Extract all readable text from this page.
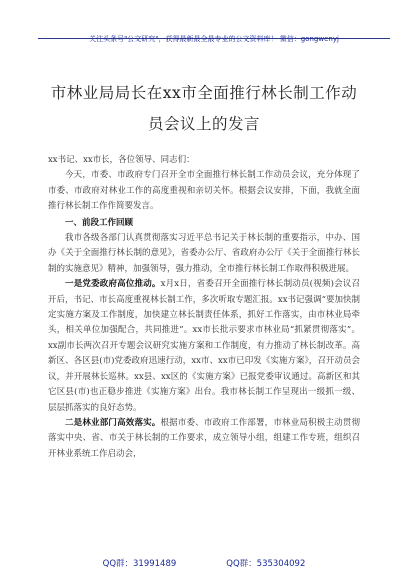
$_{关注头条号"公文研究",获得最新最全最专业的公文资料库! 微信:gongwenyj}$
市林业局局长在xx市全面推行林长制工作动
员会议上的发言

xx书记、xx市长，各位领导、同志们：

今天，市委、市政府专门召开全市全面推行林长制工作动员会议，充分体现了市委、市政府对林业工作的高度重视和亲切关怀。根据会议安排，下面，我就全面推行林长制工作作简要发言。

一、前段工作回顾

我市各级各部门认真贯彻落实习近平总书记关于林长制的重要指示，中办、国办《关于全面推行林长制的意见》，省委办公厅、省政府办公厅《关于全面推行林长制的实施意见》精神，加强领导，强力推动，全市推行林长制工作取得积极进展。

一是党委政府高位推动。x月x日，省委召开全面推行林长制动员(视频)会议召开后，书记、市长高度重视林长制工作，多次听取专题汇报。xx书记强调“要加快制定实施方案及工作制度，加快建立林长制责任体系，抓好工作落实，由市林业局牵头，相关单位加强配合，共同推进”。xx市长批示要求市林业局“抓紧贯彻落实”。xx副市长两次召开专题会议研究实施方案和工作制度，有力推动了林长制改革。高新区、各区县(市)党委政府迅速行动，xx市、xx市已印发《实施方案》，召开动员会议，并开展林长巡林。xx县、xx区的《实施方案》已报党委审议通过。高新区和其它区县(市)也正稳步推进《实施方案》出台。我市林长制工作呈现出一级抓一级、层层抓落实的良好态势。

二是林业部门高效落实。根据市委、市政府工作部署，市林业局积极主动贯彻落实中央、省、市关于林长制的工作要求，成立领导小组，组建工作专班，组织召开林业系统工作启动会，

QQ群：31991489	QQ群：535304092
